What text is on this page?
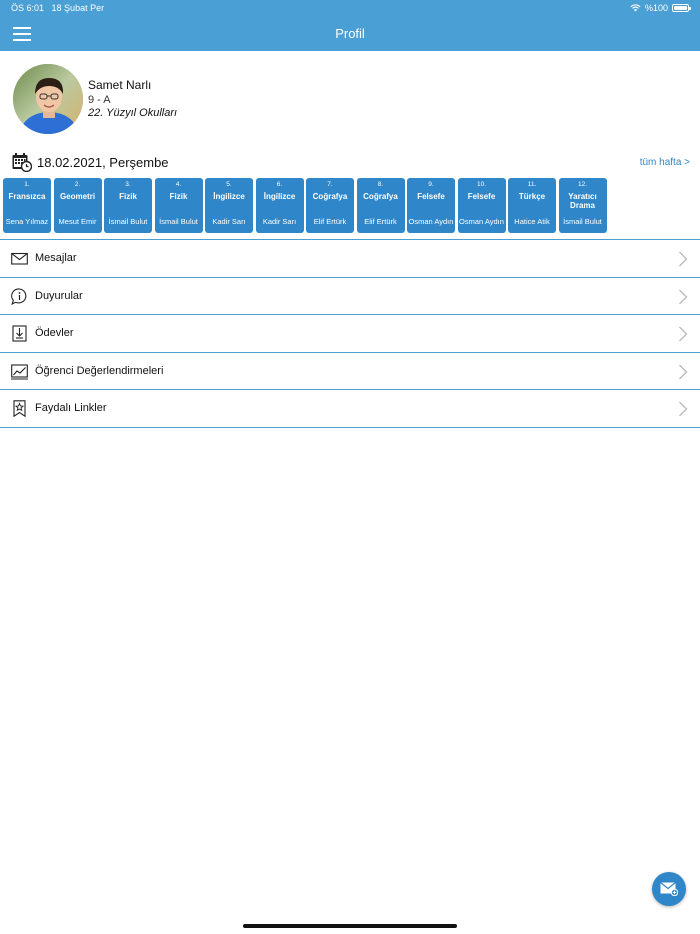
ÖS 6:01 18 Şubat Per	%100
Profil
Samet Narlı
9 - A
22. Yüzyıl Okulları
18.02.2021, Perşembe	tüm hafta >
1.
Fransızca
Sena Yılmaz
2.
Geometri
Mesut Emir
3.
Fizik
İsmail Bulut
4.
Fizik
İsmail Bulut
5.
İngilizce
Kadir Sarı
6.
İngilizce
Kadir Sarı
7.
Coğrafya
Elif Ertürk
8.
Coğrafya
Elif Ertürk
9.
Felsefe
Osman Aydın
10.
Felsefe
Osman Aydın
11.
Türkçe
Hatice Atik
12.
Yaratıcı Drama
İsmail Bulut
Mesajlar
Duyurular
Ödevler
Öğrenci Değerlendirmeleri
Faydalı Linkler
